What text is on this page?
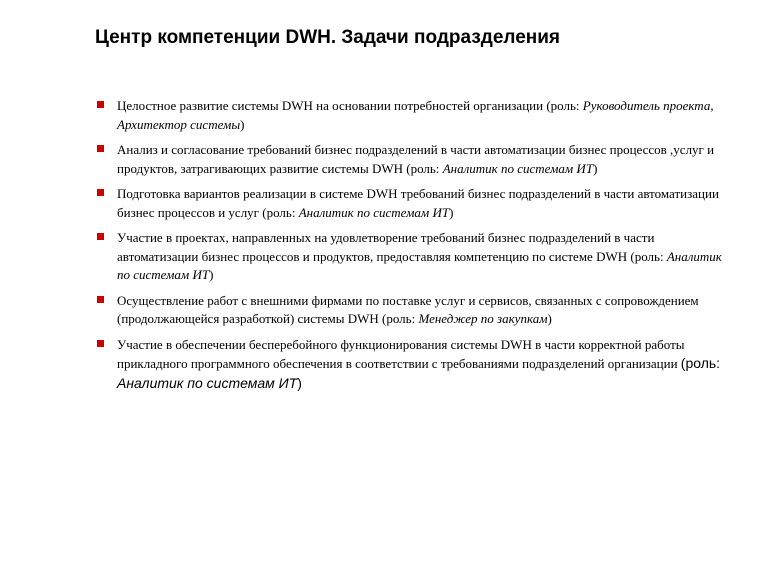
Центр компетенции DWH. Задачи подразделения
Целостное развитие системы DWH на основании потребностей организации (роль: Руководитель проекта, Архитектор системы)
Анализ и согласование требований бизнес подразделений в части автоматизации бизнес процессов ,услуг и продуктов, затрагивающих развитие системы DWH (роль: Аналитик по системам ИТ)
Подготовка вариантов реализации в системе DWH требований бизнес подразделений в части автоматизации бизнес процессов и услуг (роль: Аналитик по системам ИТ)
Участие в проектах, направленных на удовлетворение требований бизнес подразделений в части автоматизации бизнес процессов и продуктов, предоставляя компетенцию по системе DWH (роль: Аналитик по системам ИТ)
Осуществление работ с внешними фирмами по поставке услуг и сервисов, связанных с сопровождением (продолжающейся разработкой) системы DWH (роль: Менеджер по закупкам)
Участие в обеспечении бесперебойного функционирования системы DWH в части корректной работы прикладного программного обеспечения в соответствии с требованиями подразделений организации (роль: Аналитик по системам ИТ)
